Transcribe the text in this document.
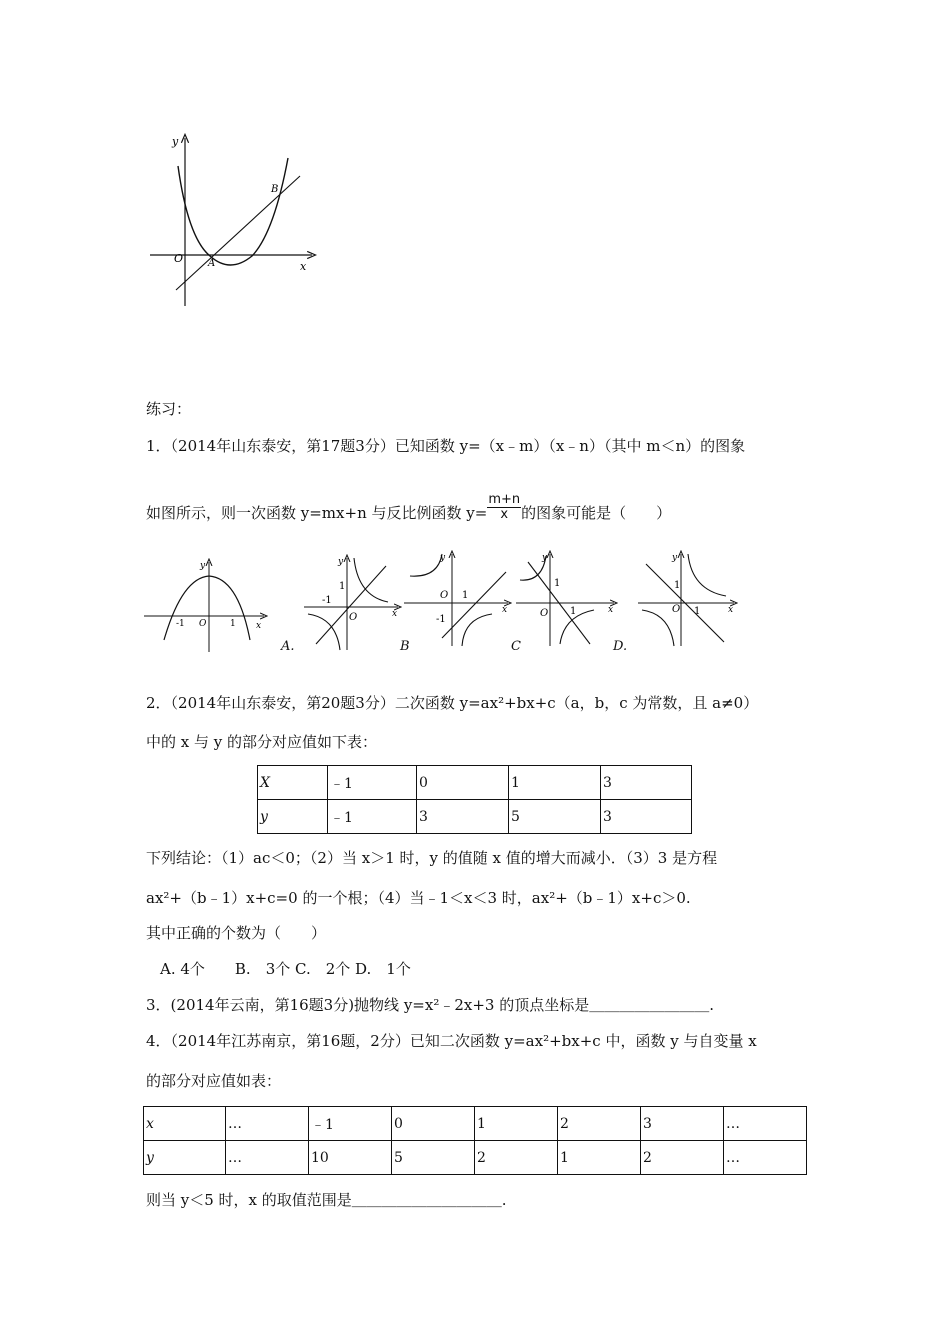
y
x
O A
B
练习：
1．（2014年山东泰安，第17题3分）已知函数 y=（x﹣m）（x﹣n）（其中 m＜n）的图象
如图所示，则一次函数 y=mx+n 与反比例函数 $y= \frac{m+n}{x}$ 的图象可能是（　　）
y
x
-1 O	1
y
x
1
-1
O
A.
y
x
O 1
-1
B
y
x
1
1
O
C
y
x
1
O 1
D.
2．（2014年山东泰安，第20题3分）二次函数 y=ax²+bx+c（a，b，c 为常数，且 a≠0）
中的 x 与 y 的部分对应值如下表：
X	﹣1	0	1	3
y	﹣1	3	5	3
下列结论：（1）ac＜0；（2）当 x＞1 时，y 的值随 x 值的增大而减小．（3）3 是方程
ax²+（b﹣1）x+c=0 的一个根；（4）当﹣1＜x＜3 时，ax²+（b﹣1）x+c＞0.
其中正确的个数为（　　）
A. 4个　　B.　3个 C.　2个 D.　1个
3．(2014年云南，第16题3分)抛物线 y=x²﹣2x+3 的顶点坐标是＿＿＿＿＿＿＿＿.
4．（2014年江苏南京，第16题，2分）已知二次函数 y=ax²+bx+c 中，函数 y 与自变量 x
的部分对应值如表：
x	…	﹣1	0	1	2	3	…
y	…	10	5	2	1	2	…
则当 y＜5 时，x 的取值范围是＿＿＿＿＿＿＿＿＿＿.
